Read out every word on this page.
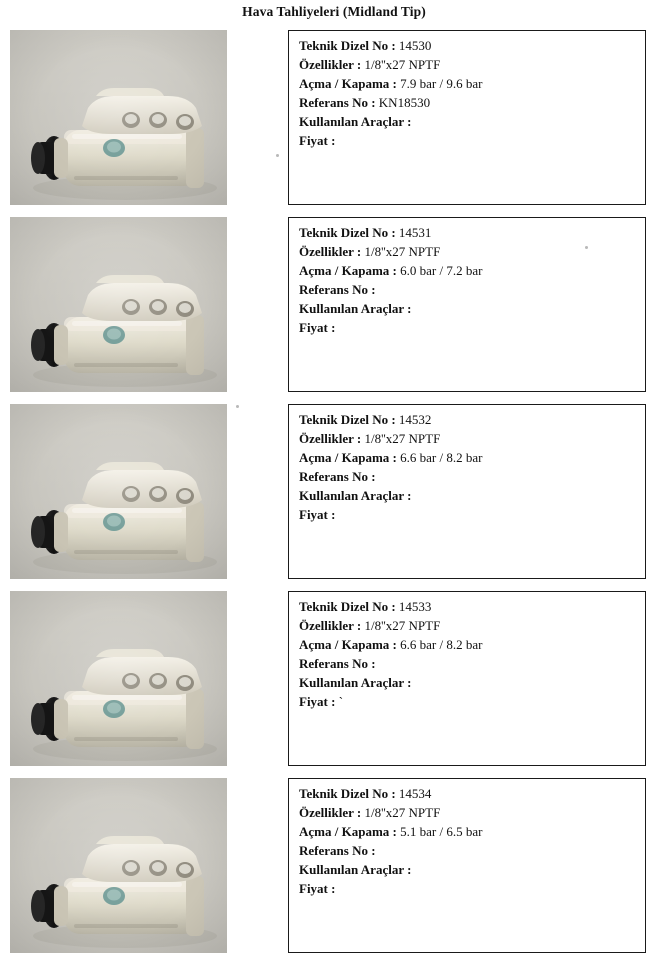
Hava Tahliyeleri (Midland Tip)
Teknik Dizel No : 14530
Özellikler : 1/8''x27 NPTF
Açma / Kapama : 7.9 bar / 9.6 bar
Referans No : KN18530
Kullanılan Araçlar :
Fiyat :
Teknik Dizel No : 14531
Özellikler : 1/8''x27 NPTF
Açma / Kapama : 6.0 bar / 7.2 bar
Referans No :
Kullanılan Araçlar :
Fiyat :
Teknik Dizel No : 14532
Özellikler : 1/8''x27 NPTF
Açma / Kapama : 6.6 bar / 8.2 bar
Referans No :
Kullanılan Araçlar :
Fiyat :
Teknik Dizel No : 14533
Özellikler : 1/8''x27 NPTF
Açma / Kapama : 6.6 bar / 8.2 bar
Referans No :
Kullanılan Araçlar :
Fiyat : `
Teknik Dizel No : 14534
Özellikler : 1/8''x27 NPTF
Açma / Kapama : 5.1 bar / 6.5 bar
Referans No :
Kullanılan Araçlar :
Fiyat :
